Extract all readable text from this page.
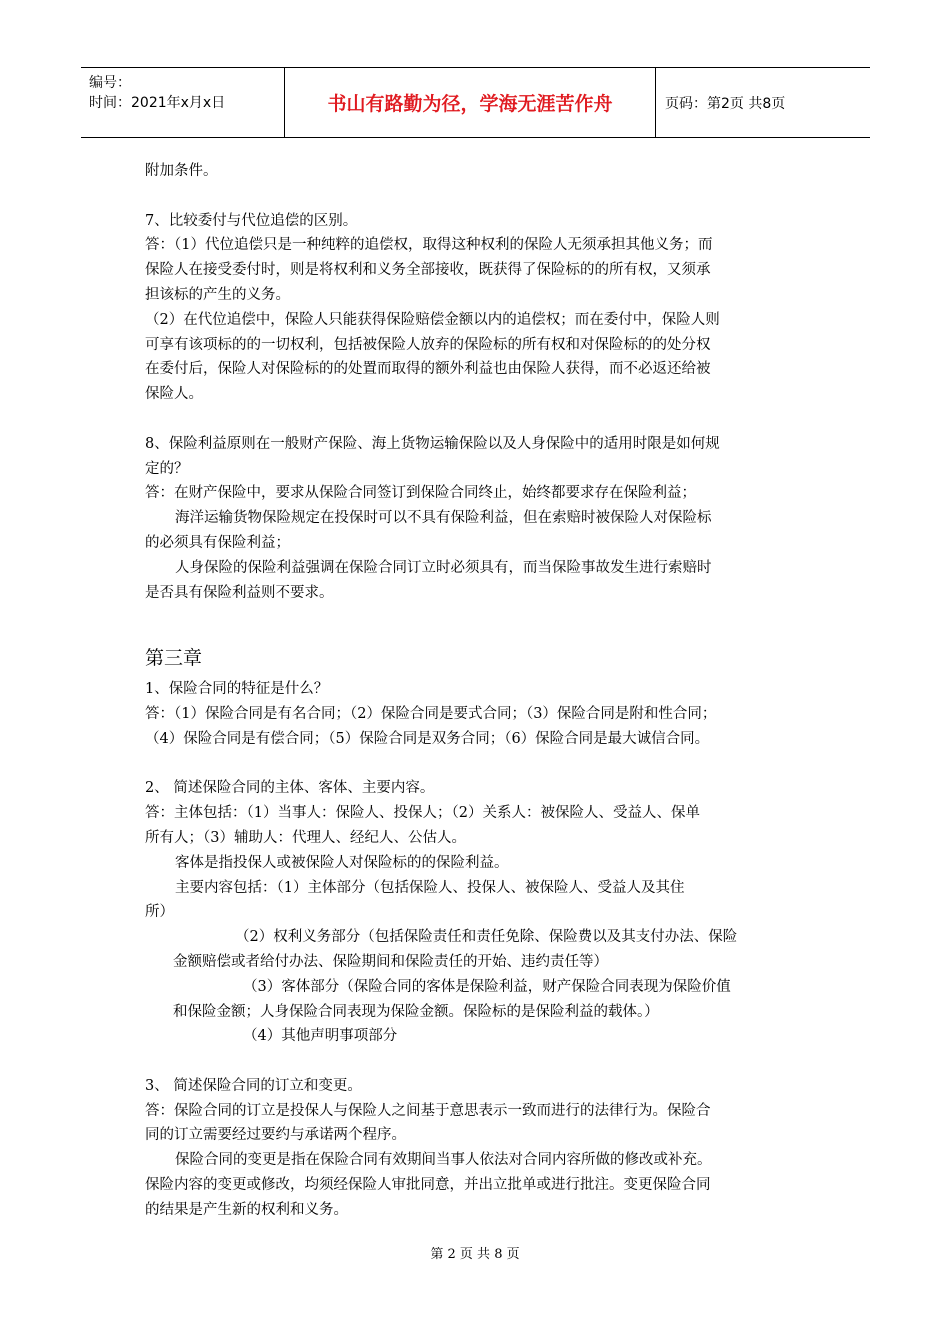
编号：
时间：2021年x月x日	书山有路勤为径，学海无涯苦作舟	页码：第2页 共8页
附加条件。
7、比较委付与代位追偿的区别。
答：（1）代位追偿只是一种纯粹的追偿权，取得这种权利的保险人无须承担其他义务；而
保险人在接受委付时，则是将权利和义务全部接收，既获得了保险标的的所有权，又须承
担该标的产生的义务。
（2）在代位追偿中，保险人只能获得保险赔偿金额以内的追偿权；而在委付中，保险人则
可享有该项标的的一切权利，包括被保险人放弃的保险标的所有权和对保险标的的处分权
在委付后，保险人对保险标的的处置而取得的额外利益也由保险人获得，而不必返还给被
保险人。
8、保险利益原则在一般财产保险、海上货物运输保险以及人身保险中的适用时限是如何规
定的？
答：在财产保险中，要求从保险合同签订到保险合同终止，始终都要求存在保险利益；
海洋运输货物保险规定在投保时可以不具有保险利益，但在索赔时被保险人对保险标
的必须具有保险利益；
人身保险的保险利益强调在保险合同订立时必须具有，而当保险事故发生进行索赔时
是否具有保险利益则不要求。
第三章
1、保险合同的特征是什么？
答：（1）保险合同是有名合同；（2）保险合同是要式合同；（3）保险合同是附和性合同；
（4）保险合同是有偿合同；（5）保险合同是双务合同；（6）保险合同是最大诚信合同。
2、 简述保险合同的主体、客体、主要内容。
答：主体包括：（1）当事人：保险人、投保人；（2）关系人：被保险人、受益人、保单
所有人；（3）辅助人：代理人、经纪人、公估人。
客体是指投保人或被保险人对保险标的的保险利益。
主要内容包括：（1）主体部分（包括保险人、投保人、被保险人、受益人及其住
所）
（2）权利义务部分（包括保险责任和责任免除、保险费以及其支付办法、保险
金额赔偿或者给付办法、保险期间和保险责任的开始、违约责任等）
（3）客体部分（保险合同的客体是保险利益，财产保险合同表现为保险价值
和保险金额；人身保险合同表现为保险金额。保险标的是保险利益的载体。）
（4）其他声明事项部分
3、 简述保险合同的订立和变更。
答：保险合同的订立是投保人与保险人之间基于意思表示一致而进行的法律行为。保险合
同的订立需要经过要约与承诺两个程序。
保险合同的变更是指在保险合同有效期间当事人依法对合同内容所做的修改或补充。
保险内容的变更或修改，均须经保险人审批同意，并出立批单或进行批注。变更保险合同
的结果是产生新的权利和义务。
第 2 页 共 8 页
